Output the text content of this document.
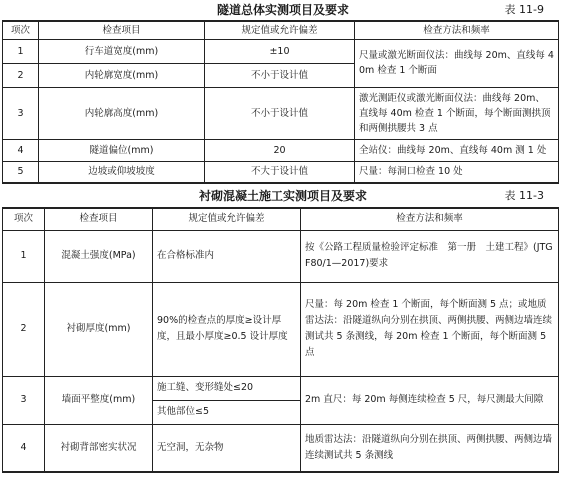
隧道总体实测项目及要求	表 11-9
项次	检查项目	规定值或允许偏差	检查方法和频率
1	行车道宽度(mm)	±10	尺量或激光断面仪法：曲线每 20m、直线每 40m 检查 1 个断面
2	内轮廓宽度(mm)	不小于设计值	
3	内轮廓高度(mm)	不小于设计值	激光测距仪或激光断面仪法：曲线每 20m、直线每 40m 检查 1 个断面，每个断面测拱顶和两侧拱腰共 3 点
4	隧道偏位(mm)	20	全站仪：曲线每 20m、直线每 40m 测 1 处
5	边坡或仰坡坡度	不大于设计值	尺量：每洞口检查 10 处
衬砌混凝土施工实测项目及要求	表 11-3
项次	检查项目	规定值或允许偏差	检查方法和频率
1	混凝土强度(MPa)	在合格标准内	按《公路工程质量检验评定标准　第一册　土建工程》(JTG F80/1—2017)要求
2	衬砌厚度(mm)	90%的检查点的厚度≥设计厚度，且最小厚度≥0.5 设计厚度	尺量：每 20m 检查 1 个断面，每个断面测 5 点；或地质雷达法：沿隧道纵向分别在拱顶、两侧拱腰、两侧边墙连续测试共 5 条测线，每 20m 检查 1 个断面，每个断面测 5 点
3	墙面平整度(mm)	施工缝、变形缝处≤20	2m 直尺：每 20m 每侧连续检查 5 尺，每尺测最大间隙
		其他部位≤5	
4	衬砌背部密实状况	无空洞，无杂物	地质雷达法：沿隧道纵向分别在拱顶、两侧拱腰、两侧边墙连续测试共 5 条测线
